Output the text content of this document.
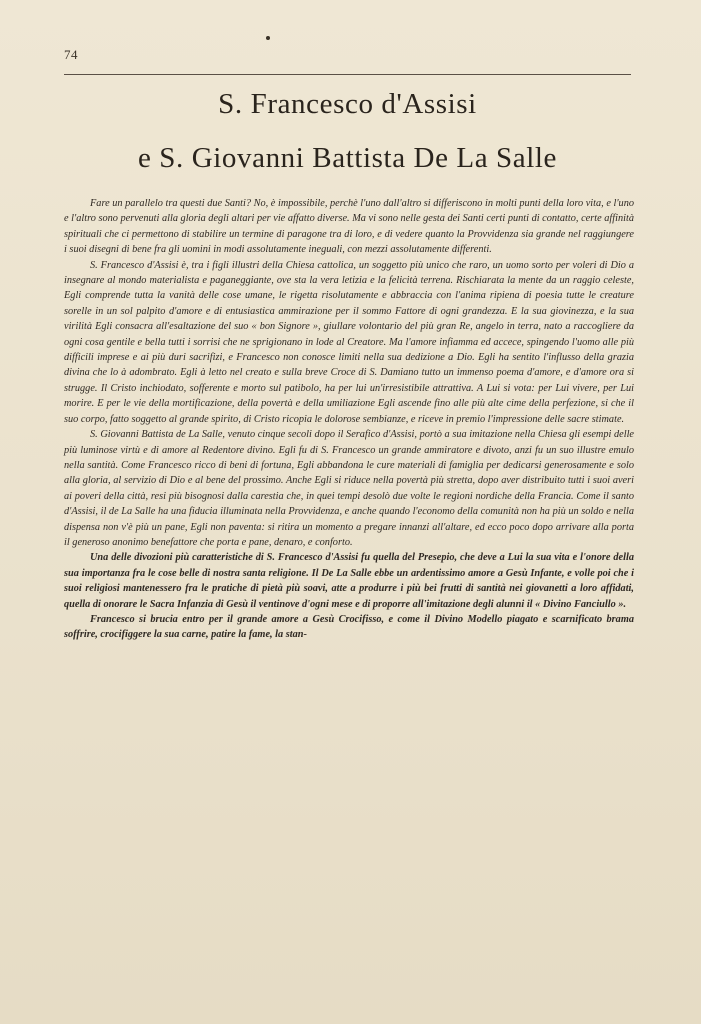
74
S. Francesco d'Assisi
e S. Giovanni Battista De La Salle

Fare un parallelo tra questi due Santi? No, è impossibile, perchè l'uno dall'altro si differiscono in molti punti della loro vita, e l'uno e l'altro sono pervenuti alla gloria degli altari per vie affatto diverse. Ma vi sono nelle gesta dei Santi certi punti di contatto, certe affinità spirituali che ci permettono di stabilire un termine di paragone tra di loro, e di vedere quanto la Provvidenza sia grande nel raggiungere i suoi disegni di bene fra gli uomini in modi assolutamente ineguali, con mezzi assolutamente differenti.

S. Francesco d'Assisi è, tra i figli illustri della Chiesa cattolica, un soggetto più unico che raro, un uomo sorto per voleri di Dio a insegnare al mondo materialista e paganeggiante, ove sta la vera letizia e la felicità terrena. Rischiarata la mente da un raggio celeste, Egli comprende tutta la vanità delle cose umane, le rigetta risolutamente e abbraccia con l'anima ripiena di poesia tutte le creature sorelle in un sol palpito d'amore e di entusiastica ammirazione per il sommo Fattore di ogni grandezza. E la sua giovinezza, e la sua virilità Egli consacra all'esaltazione del suo « bon Signore », giullare volontario del più gran Re, angelo in terra, nato a raccogliere da ogni cosa gentile e bella tutti i sorrisi che ne sprigionano in lode al Creatore. Ma l'amore infiamma ed accece, spingendo l'uomo alle più difficili imprese e ai più duri sacrifizi, e Francesco non conosce limiti nella sua dedizione a Dio. Egli ha sentito l'influsso della grazia divina che lo à adombrato. Egli à letto nel creato e sulla breve Croce di S. Damiano tutto un immenso poema d'amore, e d'amore ora si strugge. Il Cristo inchiodato, sofferente e morto sul patibolo, ha per lui un'irresistibile attrattiva. A Lui si vota: per Lui vivere, per Lui morire. E per le vie della mortificazione, della povertà e della umiliazione Egli ascende fino alle più alte cime della perfezione, si che il suo corpo, fatto soggetto al grande spirito, di Cristo ricopia le dolorose sembianze, e riceve in premio l'impressione delle sacre stimate.

S. Giovanni Battista de La Salle, venuto cinque secoli dopo il Serafico d'Assisi, portò a sua imitazione nella Chiesa gli esempi delle più luminose virtù e di amore al Redentore divino. Egli fu di S. Francesco un grande ammiratore e divoto, anzi fu un suo illustre emulo nella santità. Come Francesco ricco di beni di fortuna, Egli abbandona le cure materiali di famiglia per dedicarsi generosamente e solo alla gloria, al servizio di Dio e al bene del prossimo. Anche Egli si riduce nella povertà più stretta, dopo aver distribuito tutti i suoi averi ai poveri della città, resi più bisognosi dalla carestia che, in quei tempi desolò due volte le regioni nordiche della Francia. Come il santo d'Assisi, il de La Salle ha una fiducia illuminata nella Provvidenza, e anche quando l'economo della comunità non ha più un soldo e nella dispensa non v'è più un pane, Egli non paventa: si ritira un momento a pregare innanzi all'altare, ed ecco poco dopo arrivare alla porta il generoso anonimo benefattore che porta e pane, denaro, e conforto.

Una delle divozioni più caratteristiche di S. Francesco d'Assisi fu quella del Presepio, che deve a Lui la sua vita e l'onore della sua importanza fra le cose belle di nostra santa religione. Il De La Salle ebbe un ardentissimo amore a Gesù Infante, e volle poi che i suoi religiosi mantenessero fra le pratiche di pietà più soavi, atte a produrre i più bei frutti di santità nei giovanetti a loro affidati, quella di onorare le Sacra Infanzia di Gesù il ventinove d'ogni mese e di proporre all'imitazione degli alunni il « Divino Fanciullo ».

Francesco si brucia entro per il grande amore a Gesù Crocifisso, e come il Divino Modello piagato e scarnificato brama soffrire, crocifiggere la sua carne, patire la fame, la stan-
